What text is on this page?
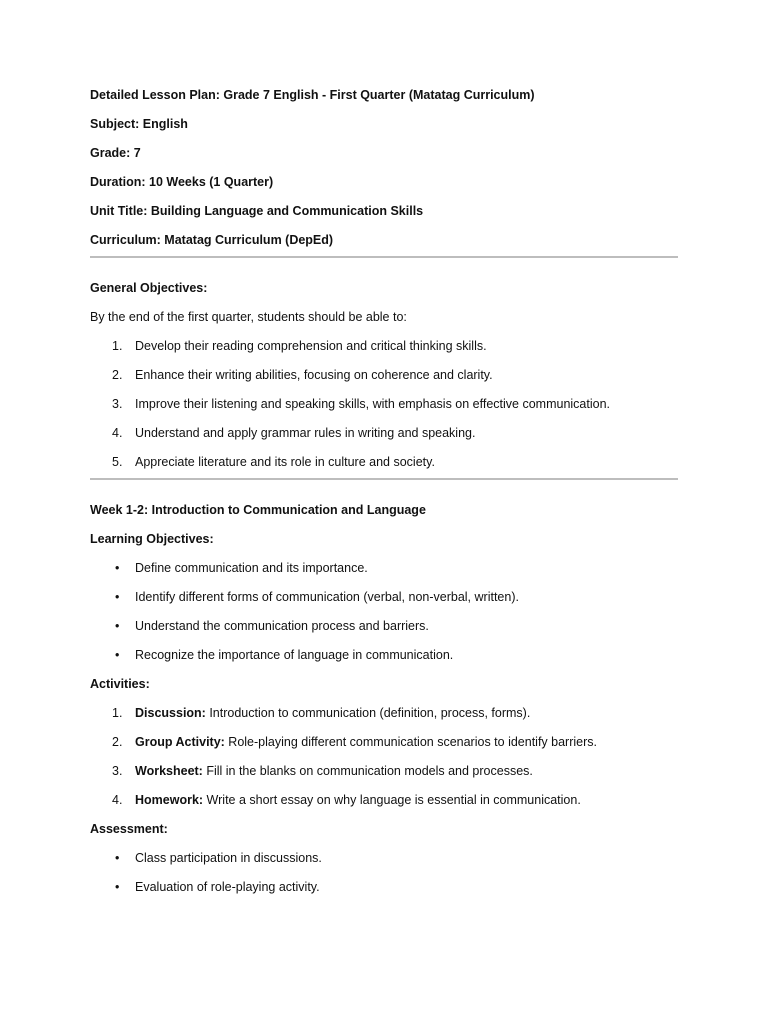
Detailed Lesson Plan: Grade 7 English - First Quarter (Matatag Curriculum)

Subject: English

Grade: 7

Duration: 10 Weeks (1 Quarter)

Unit Title: Building Language and Communication Skills

Curriculum: Matatag Curriculum (DepEd)

General Objectives:

By the end of the first quarter, students should be able to:

1. Develop their reading comprehension and critical thinking skills.
2. Enhance their writing abilities, focusing on coherence and clarity.
3. Improve their listening and speaking skills, with emphasis on effective communication.
4. Understand and apply grammar rules in writing and speaking.
5. Appreciate literature and its role in culture and society.

Week 1-2: Introduction to Communication and Language

Learning Objectives:

• Define communication and its importance.
• Identify different forms of communication (verbal, non-verbal, written).
• Understand the communication process and barriers.
• Recognize the importance of language in communication.

Activities:

1. Discussion: Introduction to communication (definition, process, forms).
2. Group Activity: Role-playing different communication scenarios to identify barriers.
3. Worksheet: Fill in the blanks on communication models and processes.
4. Homework: Write a short essay on why language is essential in communication.

Assessment:

• Class participation in discussions.
• Evaluation of role-playing activity.
